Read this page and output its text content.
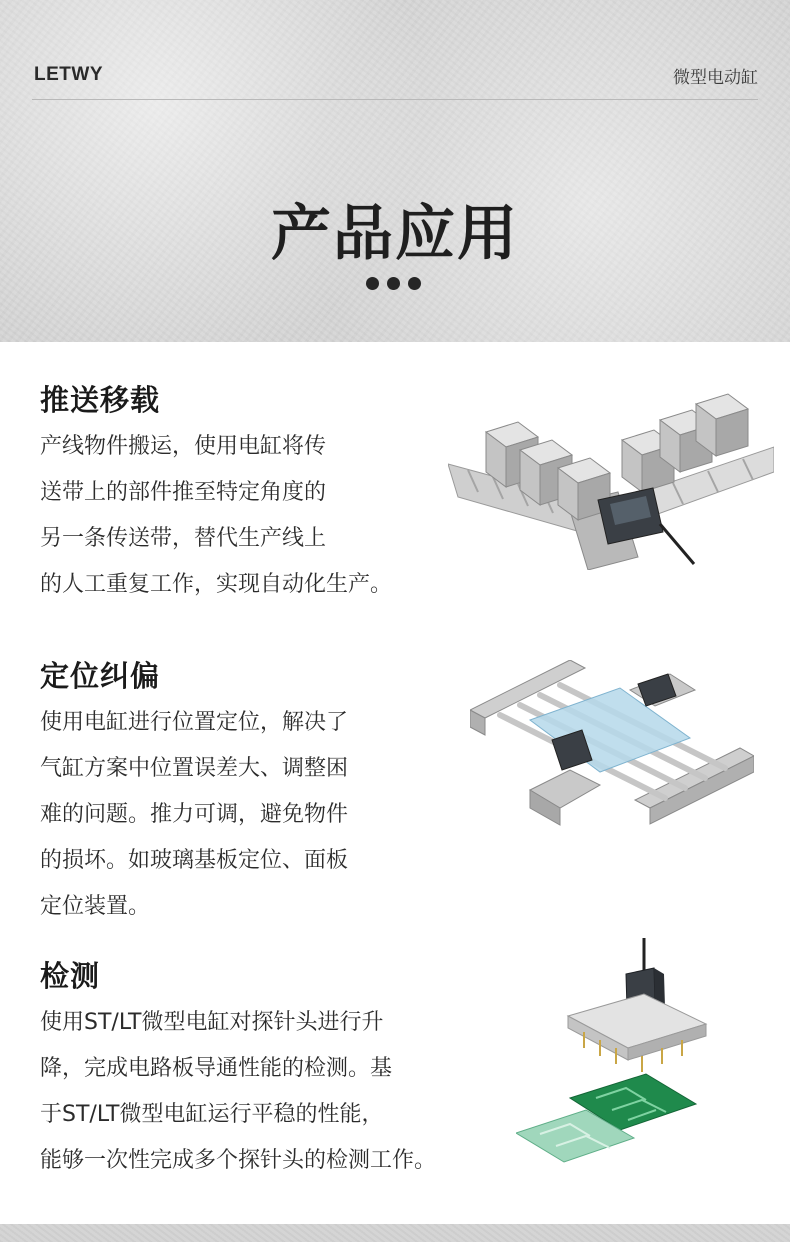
LETWY	微型电动缸
产品应用
推送移载
产线物件搬运，使用电缸将传
送带上的部件推至特定角度的
另一条传送带，替代生产线上
的人工重复工作，实现自动化生产。
定位纠偏
使用电缸进行位置定位，解决了
气缸方案中位置误差大、调整困
难的问题。推力可调，避免物件
的损坏。如玻璃基板定位、面板
定位装置。
检测
使用ST/LT微型电缸对探针头进行升
降，完成电路板导通性能的检测。基
于ST/LT微型电缸运行平稳的性能，
能够一次性完成多个探针头的检测工作。
